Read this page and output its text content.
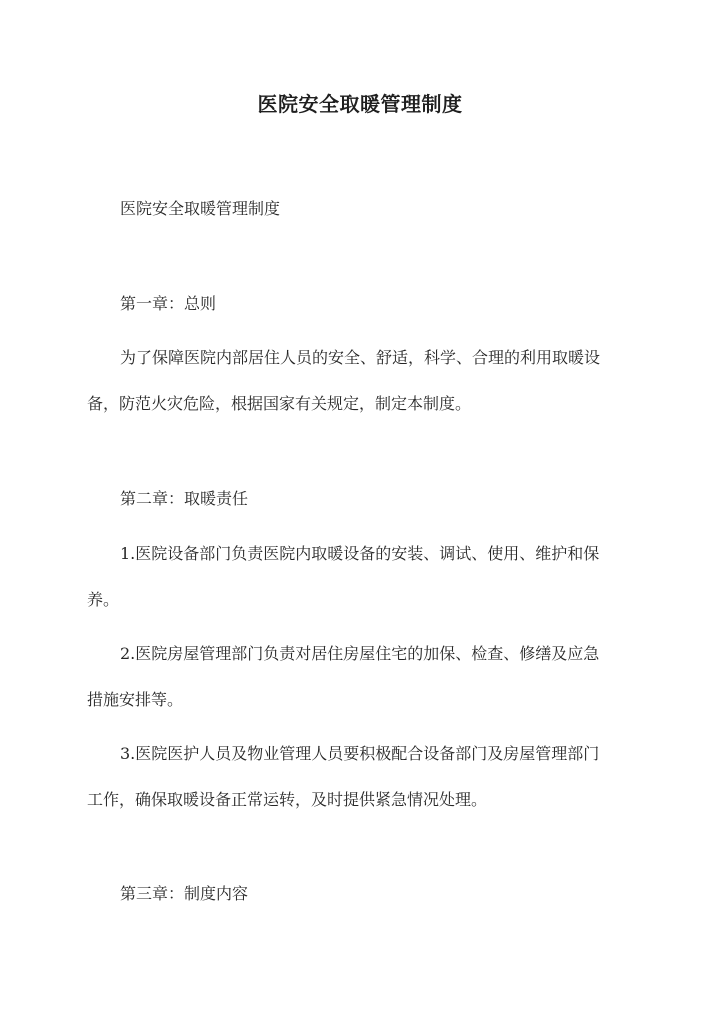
医院安全取暖管理制度
医院安全取暖管理制度
第一章：总则
为了保障医院内部居住人员的安全、舒适，科学、合理的利用取暖设
备，防范火灾危险，根据国家有关规定，制定本制度。
第二章：取暖责任
1.医院设备部门负责医院内取暖设备的安装、调试、使用、维护和保
养。
2.医院房屋管理部门负责对居住房屋住宅的加保、检查、修缮及应急
措施安排等。
3.医院医护人员及物业管理人员要积极配合设备部门及房屋管理部门
工作，确保取暖设备正常运转，及时提供紧急情况处理。
第三章：制度内容
